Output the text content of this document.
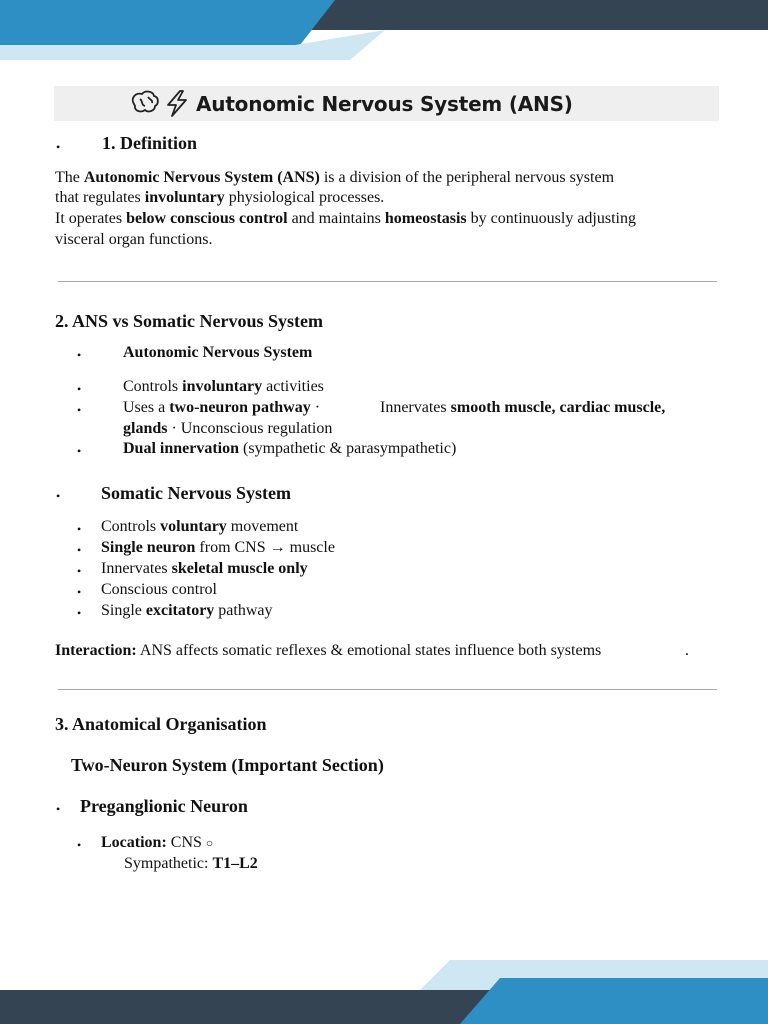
Autonomic Nervous System (ANS)
• 1. Definition
The Autonomic Nervous System (ANS) is a division of the peripheral nervous system
that regulates involuntary physiological processes.
It operates below conscious control and maintains homeostasis by continuously adjusting
visceral organ functions.
2. ANS vs Somatic Nervous System
•	Autonomic Nervous System
•	Controls involuntary activities
•	Uses a two-neuron pathway ·	Innervates smooth muscle, cardiac muscle,
glands · Unconscious regulation
•	Dual innervation (sympathetic & parasympathetic)
• Somatic Nervous System
• Controls voluntary movement
• Single neuron from CNS → muscle
• Innervates skeletal muscle only
• Conscious control
• Single excitatory pathway
Interaction: ANS affects somatic reflexes & emotional states influence both systems	.
3. Anatomical Organisation
Two-Neuron System (Important Section)
• Preganglionic Neuron
• Location: CNS ○
Sympathetic: T1–L2
